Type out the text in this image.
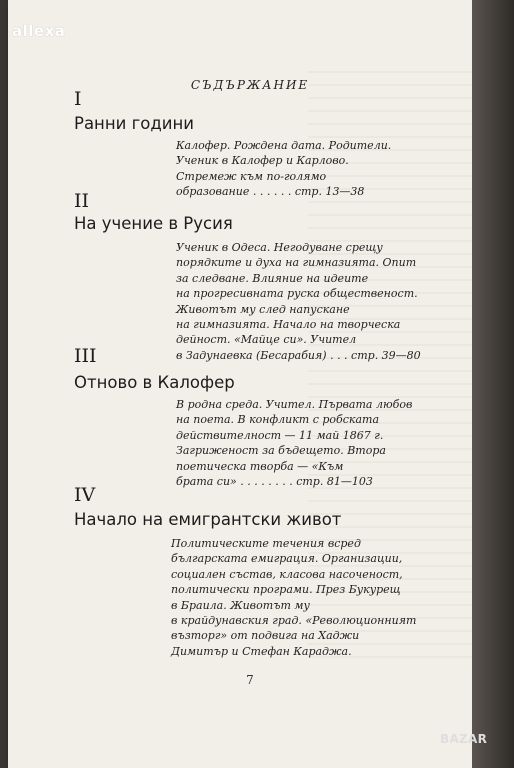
СЪДЪРЖАНИЕ
I
Ранни години
Калофер. Рождена дата. Родители.
Ученик в Калофер и Карлово.
Стремеж към по-голямо
образование . . . . . . стр. 13—38
II
На учение в Русия
Ученик в Одеса. Негодуване срещу
порядките и духа на гимназията. Опит
за следване. Влияние на идеите
на прогресивната руска общественост.
Животът му след напускане
на гимназията. Начало на творческа
дейност. «Майце си». Учител
в Задунаевка (Бесарабия) . . . стр. 39—80
III
Отново в Калофер
В родна среда. Учител. Първата любов
на поета. В конфликт с робската
действителност — 11 май 1867 г.
Загриженост за бъдещето. Втора
поетическа творба — «Към
брата си» . . . . . . . . стр. 81—103
IV
Начало на емигрантски живот
Политическите течения всред
българската емиграция. Организации,
социален състав, класова насоченост,
политически програми. През Букурещ
в Браила. Животът му
в крайдунавския град. «Революционният
възторг» от подвига на Хаджи
Димитър и Стефан Караджа.
7
allexa
BAZAR
